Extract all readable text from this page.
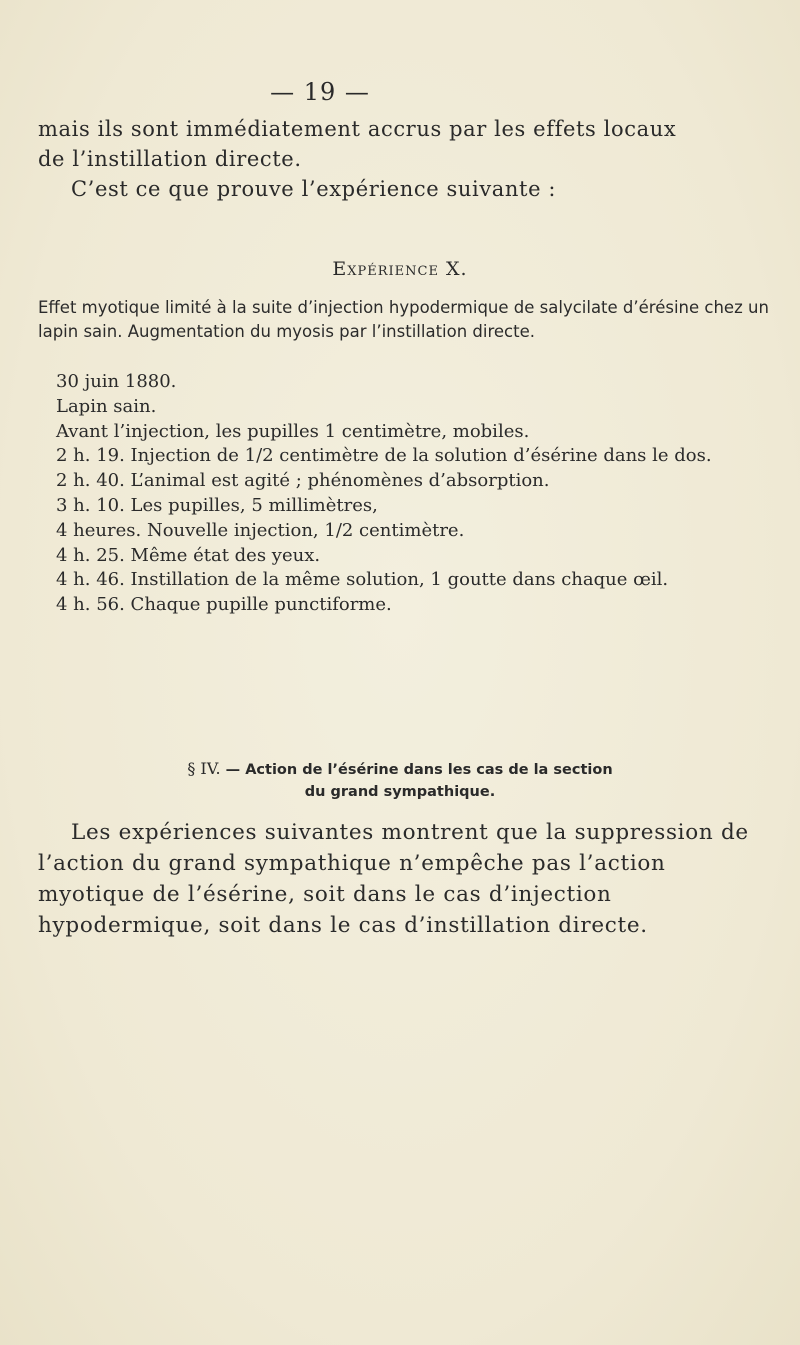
— 19 —

mais ils sont immédiatement accrus par les effets locaux

de l’instillation directe.

C’est ce que prouve l’expérience suivante :

Expérience X.

Effet myotique limité à la suite d’injection hypodermique de salycilate d’érésine chez un lapin sain. Augmentation du myosis par l’instillation directe.

30 juin 1880.

Lapin sain.

Avant l’injection, les pupilles 1 centimètre, mobiles.

2 h. 19. Injection de 1/2 centimètre de la solution d’ésérine dans le dos.

2 h. 40. L’animal est agité ; phénomènes d’absorption.

3 h. 10. Les pupilles, 5 millimètres,

4 heures. Nouvelle injection, 1/2 centimètre.

4 h. 25. Même état des yeux.

4 h. 46. Instillation de la même solution, 1 goutte dans chaque œil.

4 h. 56. Chaque pupille punctiforme.

§ IV. — Action de l’ésérine dans les cas de la section
du grand sympathique.

Les expériences suivantes montrent que la suppression de l’action du grand sympathique n’empêche pas l’action myotique de l’ésérine, soit dans le cas d’injection hypodermique, soit dans le cas d’instillation directe.
